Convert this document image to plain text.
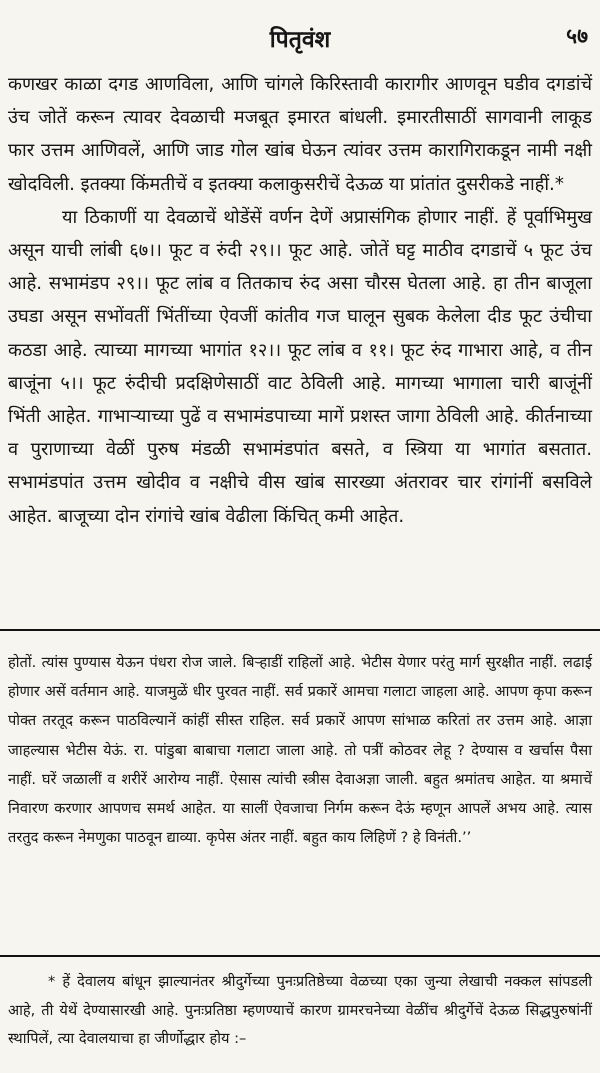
पितृवंश	५७

कणखर काळा दगड आणविला, आणि चांगले किरिस्तावी कारागीर आणवून घडीव दगडांचें उंच जोतें करून त्यावर देवळाची मजबूत इमारत बांधली. इमारतीसाठीं सागवानी लाकूड फार उत्तम आणिवलें, आणि जाड गोल खांब घेऊन त्यांवर उत्तम कारागिराकडून नामी नक्षी खोदविली. इतक्या किंमतीचें व इतक्या कलाकुसरीचें देऊळ या प्रांतांत दुसरीकडे नाहीं.*

या ठिकाणीं या देवळाचें थोडेंसें वर्णन देणें अप्रासंगिक होणार नाहीं. हें पूर्वाभिमुख असून याची लांबी ६७।। फूट व रुंदी २९।। फूट आहे. जोतें घट्ट माठीव दगडाचें ५ फूट उंच आहे. सभामंडप २९।। फूट लांब व तितकाच रुंद असा चौरस घेतला आहे. हा तीन बाजूला उघडा असून सभोंवतीं भिंतींच्या ऐवजीं कांतीव गज घालून सुबक केलेला दीड फूट उंचीचा कठडा आहे. त्याच्या मागच्या भागांत १२।। फूट लांब व ११। फूट रुंद गाभारा आहे, व तीन बाजूंना ५।। फूट रुंदीची प्रदक्षिणेसाठीं वाट ठेविली आहे. मागच्या भागाला चारी बाजूंनीं भिंती आहेत. गाभाऱ्याच्या पुढें व सभामंडपाच्या मागें प्रशस्त जागा ठेविली आहे. कीर्तनाच्या व पुराणाच्या वेळीं पुरुष मंडळी सभामंडपांत बसते, व स्त्रिया या भागांत बसतात. सभामंडपांत उत्तम खोदीव व नक्षीचे वीस खांब सारख्या अंतरावर चार रांगांनीं बसविले आहेत. बाजूच्या दोन रांगांचे खांब वेढीला किंचित् कमी आहेत.

होतों. त्यांस पुण्यास येऊन पंधरा रोज जाले. बिऱ्हाडीं राहिलों आहे. भेटीस येणार परंतु मार्ग सुरक्षीत नाहीं. लढाई होणार असें वर्तमान आहे. याजमुळें धीर पुरवत नाहीं. सर्व प्रकारें आमचा गलाटा जाहला आहे. आपण कृपा करून पोक्त तरतूद करून पाठविल्यानें कांहीं सीस्त राहिल. सर्व प्रकारें आपण सांभाळ करितां तर उत्तम आहे. आज्ञा जाहल्यास भेटीस येऊं. रा. पांडुबा बाबाचा गलाटा जाला आहे. तो पत्रीं कोठवर लेहू ? देण्यास व खर्चास पैसा नाहीं. घरें जळालीं व शरीरें आरोग्य नाहीं. ऐसास त्यांची स्त्रीस देवाअज्ञा जाली. बहुत श्रमांतच आहेत. या श्रमाचें निवारण करणार आपणच समर्थ आहेत. या सालीं ऐवजाचा निर्गम करून देऊं म्हणून आपलें अभय आहे. त्यास तरतुद करून नेमणुका पाठवून द्याव्या. कृपेस अंतर नाहीं. बहुत काय लिहिणें ? हे विनंती.’’

* हें देवालय बांधून झाल्यानंतर श्रीदुर्गेच्या पुनःप्रतिष्ठेच्या वेळच्या एका जुन्या लेखाची नक्कल सांपडली आहे, ती येथें देण्यासारखी आहे. पुनःप्रतिष्ठा म्हणण्याचें कारण ग्रामरचनेच्या वेळींच श्रीदुर्गेचें देऊळ सिद्धपुरुषांनीं स्थापिलें, त्या देवालयाचा हा जीर्णोद्धार होय :–
